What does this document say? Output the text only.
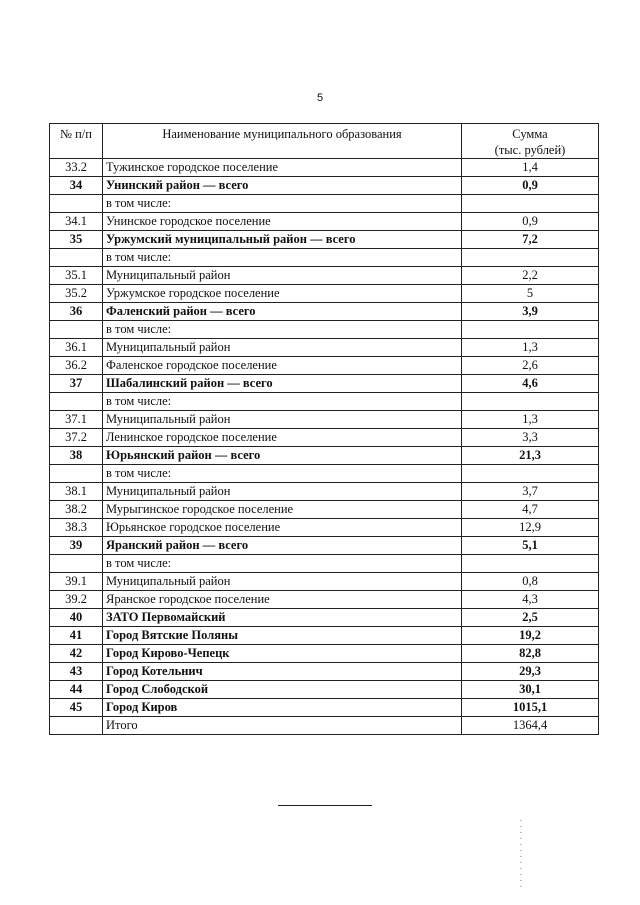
5
№ п/п	Наименование муниципального образования	Сумма
(тыс. рублей)
33.2	Тужинское городское поселение	1,4
34	Унинский район — всего	0,9
	в том числе:	
34.1	Унинское городское поселение	0,9
35	Уржумский муниципальный район — всего	7,2
	в том числе:	
35.1	Муниципальный район	2,2
35.2	Уржумское городское поселение	5
36	Фаленский район — всего	3,9
	в том числе:	
36.1	Муниципальный район	1,3
36.2	Фаленское городское поселение	2,6
37	Шабалинский район — всего	4,6
	в том числе:	
37.1	Муниципальный район	1,3
37.2	Ленинское городское поселение	3,3
38	Юрьянский район — всего	21,3
	в том числе:	
38.1	Муниципальный район	3,7
38.2	Мурыгинское городское поселение	4,7
38.3	Юрьянское городское поселение	12,9
39	Яранский район — всего	5,1
	в том числе:	
39.1	Муниципальный район	0,8
39.2	Яранское городское поселение	4,3
40	ЗАТО Первомайский	2,5
41	Город Вятские Поляны	19,2
42	Город Кирово-Чепецк	82,8
43	Город Котельнич	29,3
44	Город Слободской	30,1
45	Город Киров	1015,1
	Итого	1364,4
